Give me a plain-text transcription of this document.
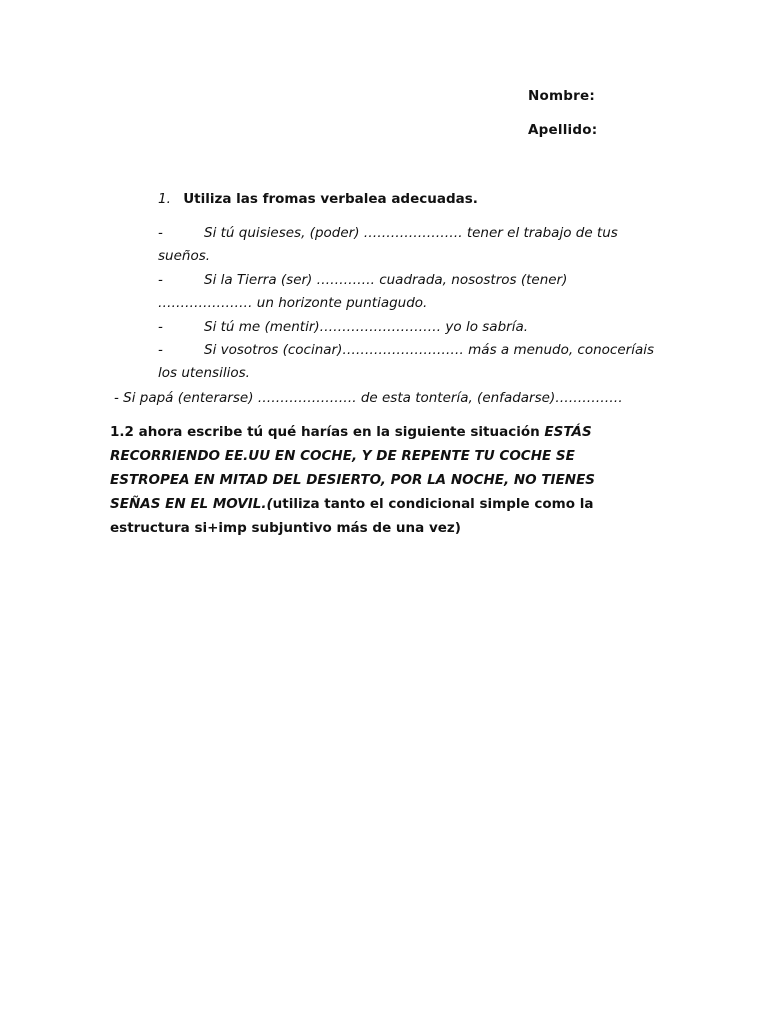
Nombre:
Apellido:
1. Utiliza las fromas verbalea adecuadas.
-	Si tú quisieses, (poder) …………………. tener el trabajo de tus
sueños.
-	Si la Tierra (ser) …………. cuadrada, nosostros (tener)
………………… un horizonte puntiagudo.
-	Si tú me (mentir)……………………… yo lo sabría.
-	Si vosotros (cocinar)……………………… más a menudo, conoceríais
los utensilios.
- Si papá (enterarse) …………………. de esta tontería, (enfadarse)……………
1.2 ahora escribe tú qué harías en la siguiente situación ESTÁS RECORRIENDO EE.UU EN COCHE, Y DE REPENTE TU COCHE SE ESTROPEA EN MITAD DEL DESIERTO, POR LA NOCHE, NO TIENES SEÑAS EN EL MOVIL.(utiliza tanto el condicional simple como la estructura si+imp subjuntivo más de una vez)
